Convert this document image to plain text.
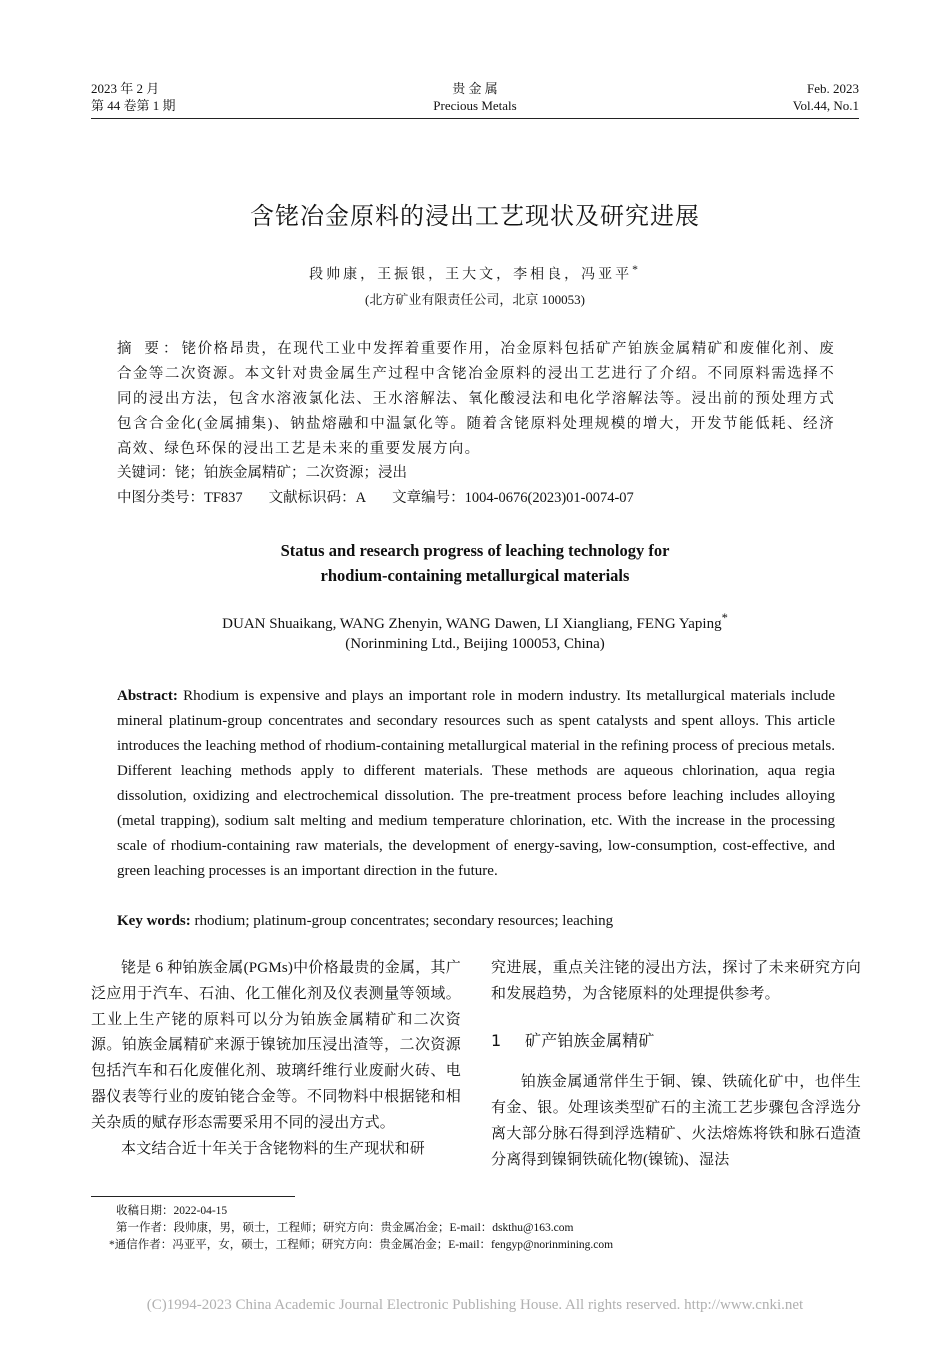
2023 年 2 月
第 44 卷第 1 期
贵 金 属
Precious Metals
Feb. 2023
Vol.44, No.1
含铑冶金原料的浸出工艺现状及研究进展
段帅康，王振银，王大文，李相良，冯亚平*
(北方矿业有限责任公司，北京 100053)
摘 要：铑价格昂贵，在现代工业中发挥着重要作用，冶金原料包括矿产铂族金属精矿和废催化剂、废合金等二次资源。本文针对贵金属生产过程中含铑冶金原料的浸出工艺进行了介绍。不同原料需选择不同的浸出方法，包含水溶液氯化法、王水溶解法、氧化酸浸法和电化学溶解法等。浸出前的预处理方式包含合金化(金属捕集)、钠盐熔融和中温氯化等。随着含铑原料处理规模的增大，开发节能低耗、经济高效、绿色环保的浸出工艺是未来的重要发展方向。
关键词：铑；铂族金属精矿；二次资源；浸出
中图分类号：TF837 文献标识码：A 文章编号：1004-0676(2023)01-0074-07
Status and research progress of leaching technology for
rhodium-containing metallurgical materials
DUAN Shuaikang, WANG Zhenyin, WANG Dawen, LI Xiangliang, FENG Yaping*
(Norinmining Ltd., Beijing 100053, China)
Abstract: Rhodium is expensive and plays an important role in modern industry. Its metallurgical materials include mineral platinum-group concentrates and secondary resources such as spent catalysts and spent alloys. This article introduces the leaching method of rhodium-containing metallurgical material in the refining process of precious metals. Different leaching methods apply to different materials. These methods are aqueous chlorination, aqua regia dissolution, oxidizing and electrochemical dissolution. The pre-treatment process before leaching includes alloying (metal trapping), sodium salt melting and medium temperature chlorination, etc. With the increase in the processing scale of rhodium-containing raw materials, the development of energy-saving, low-consumption, cost-effective, and green leaching processes is an important direction in the future.
Key words: rhodium; platinum-group concentrates; secondary resources; leaching

铑是 6 种铂族金属(PGMs)中价格最贵的金属，其广泛应用于汽车、石油、化工催化剂及仪表测量等领域。工业上生产铑的原料可以分为铂族金属精矿和二次资源。铂族金属精矿来源于镍铳加压浸出渣等，二次资源包括汽车和石化废催化剂、玻璃纤维行业废耐火砖、电器仪表等行业的废铂铑合金等。不同物料中根据铑和相关杂质的赋存形态需要采用不同的浸出方式。

本文结合近十年关于含铑物料的生产现状和研

究进展，重点关注铑的浸出方法，探讨了未来研究方向和发展趋势，为含铑原料的处理提供参考。

1 矿产铂族金属精矿

铂族金属通常伴生于铜、镍、铁硫化矿中，也伴生有金、银。处理该类型矿石的主流工艺步骤包含浮选分离大部分脉石得到浮选精矿、火法熔炼将铁和脉石造渣分离得到镍铜铁硫化物(镍锍)、湿法

收稿日期：2022-04-15
第一作者：段帅康，男，硕士，工程师；研究方向：贵金属冶金；E-mail：dskthu@163.com
*通信作者：冯亚平，女，硕士，工程师；研究方向：贵金属冶金；E-mail：fengyp@norinmining.com
(C)1994-2023 China Academic Journal Electronic Publishing House. All rights reserved. http://www.cnki.net
